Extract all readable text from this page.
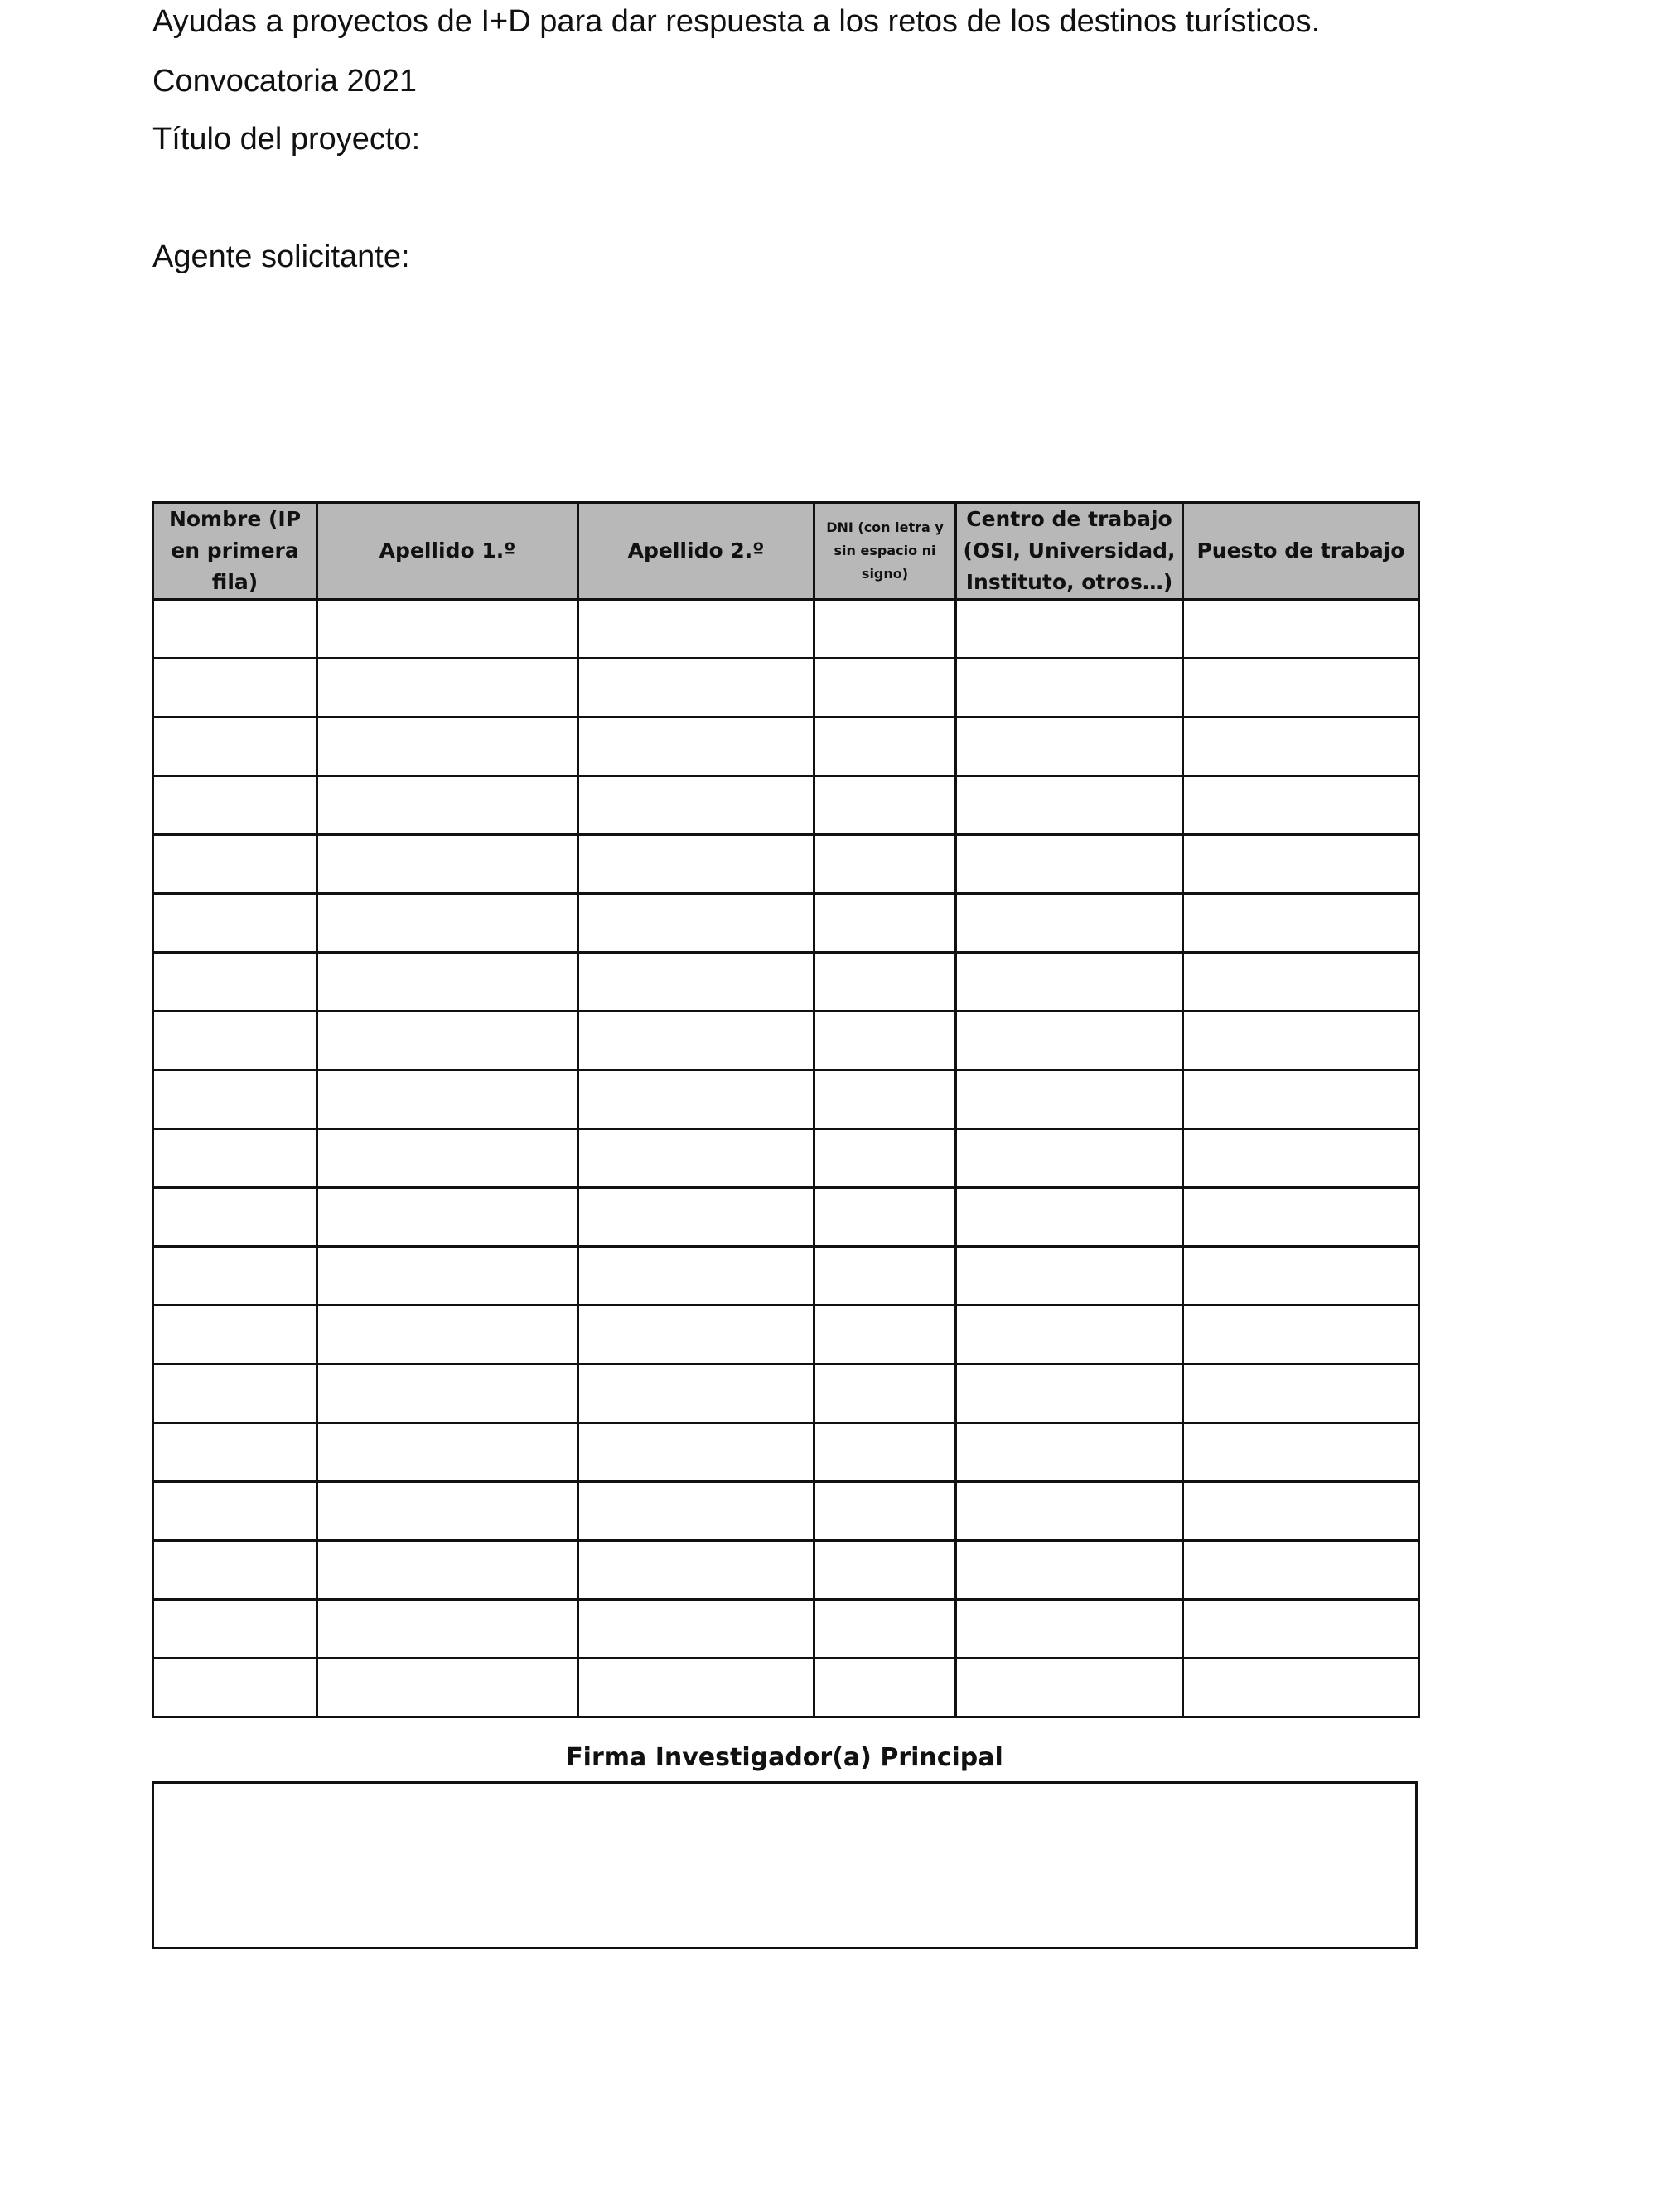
Ayudas a proyectos de I+D para dar respuesta a los retos de los destinos turísticos.
Convocatoria 2021
Título del proyecto:
Agente solicitante:
Nombre (IP en primera fila)	Apellido 1.º	Apellido 2.º	DNI (con letra y sin espacio ni signo)	Centro de trabajo (OSI, Universidad, Instituto, otros…)	Puesto de trabajo

Firma Investigador(a) Principal
